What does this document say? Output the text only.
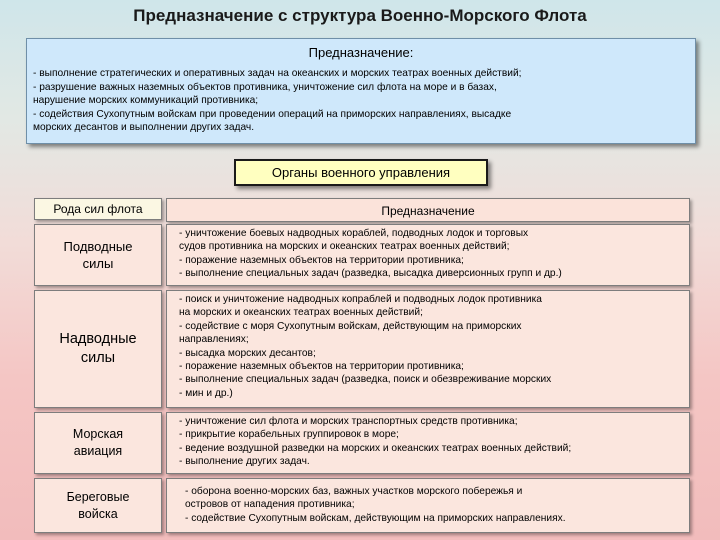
Предназначение с структура Военно-Морского Флота
Предназначение:
- выполнение стратегических и оперативных задач на океанских и морских театрах военных действий;
- разрушение важных наземных объектов противника, уничтожение сил флота на море и в базах,
нарушение морских коммуникаций противника;
- содействия Сухопутным войскам при проведении операций на приморских направлениях, высадке
морских десантов и выполнении других задач.
Органы военного управления
Рода сил флота	Предназначение
Подводные
силы
- уничтожение боевых надводных кораблей, подводных лодок и торговых
судов противника на морских и океанских театрах военных действий;
- поражение наземных объектов на территории противника;
- выполнение специальных задач (разведка, высадка диверсионных групп и др.)
Надводные
силы
- поиск и уничтожение надводных копраблей и подводных лодок противника
на морских и океанских театрах военных действий;
- содействие с моря Сухопутным войскам, действующим на приморских
направлениях;
- высадка морских десантов;
- поражение наземных объектов на территории противника;
- выполнение специальных задач (разведка, поиск и обезвреживание морских
- мин и др.)
Морская
авиация
- уничтожение сил флота и морских транспортных средств противника;
- прикрытие корабельных группировок в море;
- ведение воздушной разведки на морских и океанских театрах военных действий;
- выполнение других задач.
Береговые
войска
- оборона военно-морских баз, важных участков морского побережья и
островов от нападения противника;
- содействие Сухопутным войскам, действующим на приморских направлениях.
